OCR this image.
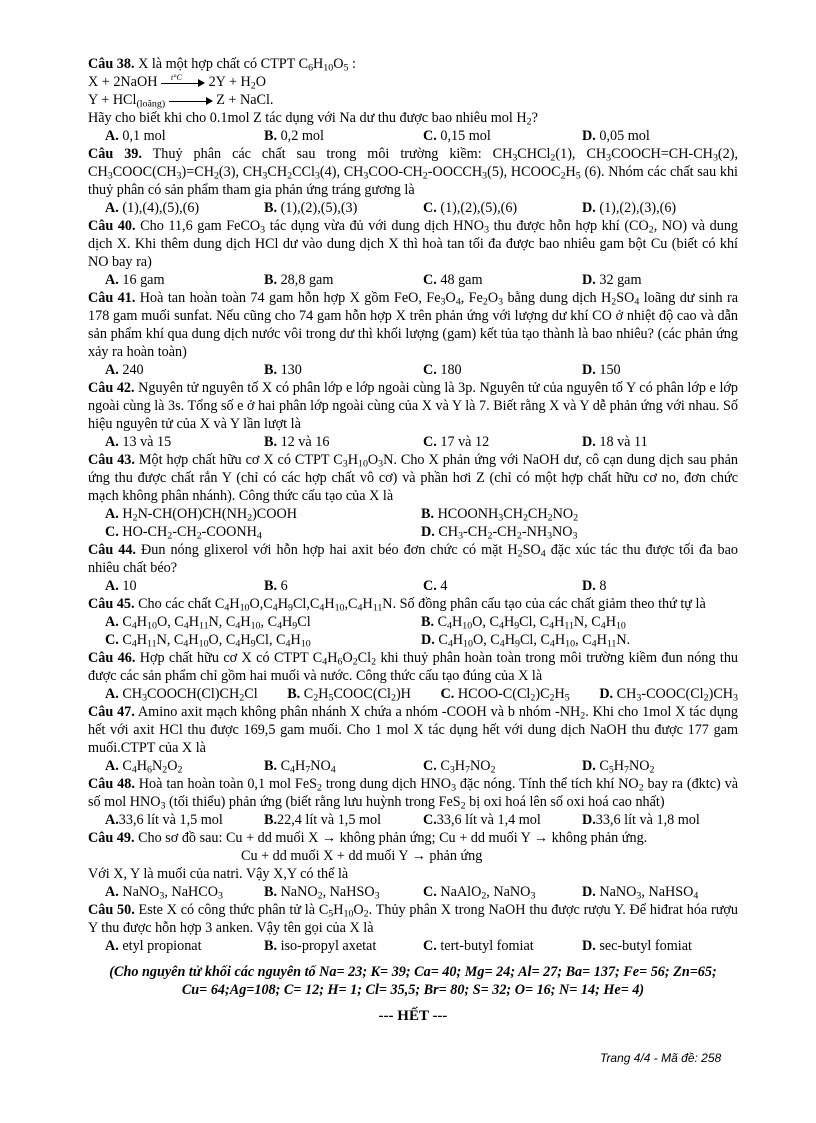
Câu 38. X là một hợp chất có CTPT $C_6H_{10}O_5$ :
X + 2NaOH t°C $2Y + H_2O$
Y + HCl$_{(loãng)}$	Z + NaCl.
Hãy cho biết khi cho 0.1mol Z tác dụng với Na dư thu được bao nhiêu mol $H_2$?
A. 0,1 mol	B. 0,2 mol	C. 0,15 mol	D. 0,05 mol
Câu 39. Thuỷ phân các chất sau trong môi trường kiềm: $CH_3CHCl_2(1)$, $CH_3COOCH=CH-CH_3(2)$, $CH_3COOC(CH_3)=CH_2(3)$, $CH_3CH_2CCl_3(4)$, $CH_3COO-CH_2-OOCCH_3(5)$, $HCOOC_2H_5$ (6). Nhóm các chất sau khi thuỷ phân có sản phẩm tham gia phản ứng tráng gương là
A. (1),(4),(5),(6)	B. (1),(2),(5),(3)	C. (1),(2),(5),(6)	D. (1),(2),(3),(6)
Câu 40. Cho 11,6 gam FeCO$_3$ tác dụng vừa đủ với dung dịch $HNO_3$ thu được hỗn hợp khí ($CO_2$, NO) và dung dịch X. Khi thêm dung dịch HCl dư vào dung dịch X thì hoà tan tối đa được bao nhiêu gam bột Cu (biết có khí NO bay ra)
A. 16 gam	B. 28,8 gam	C. 48 gam	D. 32 gam
Câu 41. Hoà tan hoàn toàn 74 gam hỗn hợp X gồm FeO, $Fe_3O_4$, $Fe_2O_3$ bằng dung dịch $H_2SO_4$ loãng dư sinh ra 178 gam muối sunfat. Nếu cũng cho 74 gam hỗn hợp X trên phản ứng với lượng dư khí CO ở nhiệt độ cao và dẫn sản phẩm khí qua dung dịch nước vôi trong dư thì khối lượng (gam) kết tủa tạo thành là bao nhiêu? (các phản ứng xảy ra hoàn toàn)
A. 240	B. 130	C. 180	D. 150
Câu 42. Nguyên tử nguyên tố X có phân lớp e lớp ngoài cùng là 3p. Nguyên tử của nguyên tố Y có phân lớp e lớp ngoài cùng là 3s. Tổng số e ở hai phân lớp ngoài cùng của X và Y là 7. Biết rằng X và Y dễ phản ứng với nhau. Số hiệu nguyên tử của X và Y lần lượt là
A. 13 và 15	B. 12 và 16	C. 17 và 12	D. 18 và 11
Câu 43. Một hợp chất hữu cơ X có CTPT $C_3H_{10}O_3N$. Cho X phản ứng với NaOH dư, cô cạn dung dịch sau phản ứng thu được chất rắn Y (chỉ có các hợp chất vô cơ) và phần hơi Z (chỉ có một hợp chất hữu cơ no, đơn chức mạch không phân nhánh). Công thức cấu tạo của X là
A. $H_2N-CH(OH)CH(NH_2)COOH$	B. $HCOONH_3CH_2CH_2NO_2$
C. $HO-CH_2-CH_2-COONH_4$	D. $CH_3-CH_2-CH_2-NH_3NO_3$
Câu 44. Đun nóng glixerol với hỗn hợp hai axit béo đơn chức có mặt $H_2SO_4$ đặc xúc tác thu được tối đa bao nhiêu chất béo?
A. 10	B. 6	C. 4	D. 8
Câu 45. Cho các chất $C_4H_{10}O,C_4H_9Cl,C_4H_{10},C_4H_{11}N$. Số đồng phân cấu tạo của các chất giảm theo thứ tự là
A. $C_4H_{10}O$, $C_4H_{11}N$, $C_4H_{10}$, $C_4H_9Cl$	B. $C_4H_{10}O$, $C_4H_9Cl$, $C_4H_{11}N$, $C_4H_{10}$
C. $C_4H_{11}N$, $C_4H_{10}O$, $C_4H_9Cl$, $C_4H_{10}$	D. $C_4H_{10}O$, $C_4H_9Cl$, $C_4H_{10}$, $C_4H_{11}N$.
Câu 46. Hợp chất hữu cơ X có CTPT $C_4H_6O_2Cl_2$ khi thuỷ phân hoàn toàn trong môi trường kiềm đun nóng thu được các sản phẩm chỉ gồm hai muối và nước. Công thức cấu tạo đúng của X là
A. $CH_3COOCH(Cl)CH_2Cl$ B. $C_2H_5COOC(Cl_2)H$ C. HCOO-$C(Cl_2)C_2H_5$ D. $CH_3-COOC(Cl_2)CH_3$
Câu 47. Amino axit mạch không phân nhánh X chứa a nhóm -COOH và b nhóm $-NH_2$. Khi cho 1mol X tác dụng hết với axit HCl thu được 169,5 gam muối. Cho 1 mol X tác dụng hết với dung dịch NaOH thu được 177 gam muối.CTPT của X là
A. $C_4H_6N_2O_2$	B. $C_4H_7NO_4$	C. $C_3H_7NO_2$	D. $C_5H_7NO_2$
Câu 48. Hoà tan hoàn toàn 0,1 mol FeS$_2$ trong dung dịch $HNO_3$ đặc nóng. Tính thể tích khí $NO_2$ bay ra (đktc) và số mol $HNO_3$ (tối thiểu) phản ứng (biết rằng lưu huỳnh trong FeS$_2$ bị oxi hoá lên số oxi hoá cao nhất)
A.33,6 lít và 1,5 mol	B.22,4 lít và 1,5 mol	C.33,6 lít và 1,4 mol	D.33,6 lít và 1,8 mol
Câu 49. Cho sơ đồ sau: Cu + dd muối X → không phản ứng; Cu + dd muối Y → không phản ứng.
Cu + dd muối X + dd muối Y → phản ứng
Với X, Y là muối của natri. Vậy X,Y có thể là
A. NaNO$_3$, NaHCO$_3$	B. NaNO$_2$, NaHSO$_3$	C. NaAlO$_2$, NaNO$_3$	D. NaNO$_3$, NaHSO$_4$
Câu 50. Este X có công thức phân tử là $C_5H_{10}O_2$. Thủy phân X trong NaOH thu được rượu Y. Để hiđrat hóa rượu Y thu được hỗn hợp 3 anken. Vậy tên gọi của X là
A. etyl propionat	B. iso-propyl axetat	C. tert-butyl fomiat	D. sec-butyl fomiat
(Cho nguyên tử khối các nguyên tố Na= 23; K= 39; Ca= 40; Mg= 24; Al= 27; Ba= 137; Fe= 56; Zn=65; Cu= 64;Ag=108; C= 12; H= 1; Cl= 35,5; Br= 80; S= 32; O= 16; N= 14; He= 4)
--- HẾT ---
Trang 4/4 - Mã đề: 258
